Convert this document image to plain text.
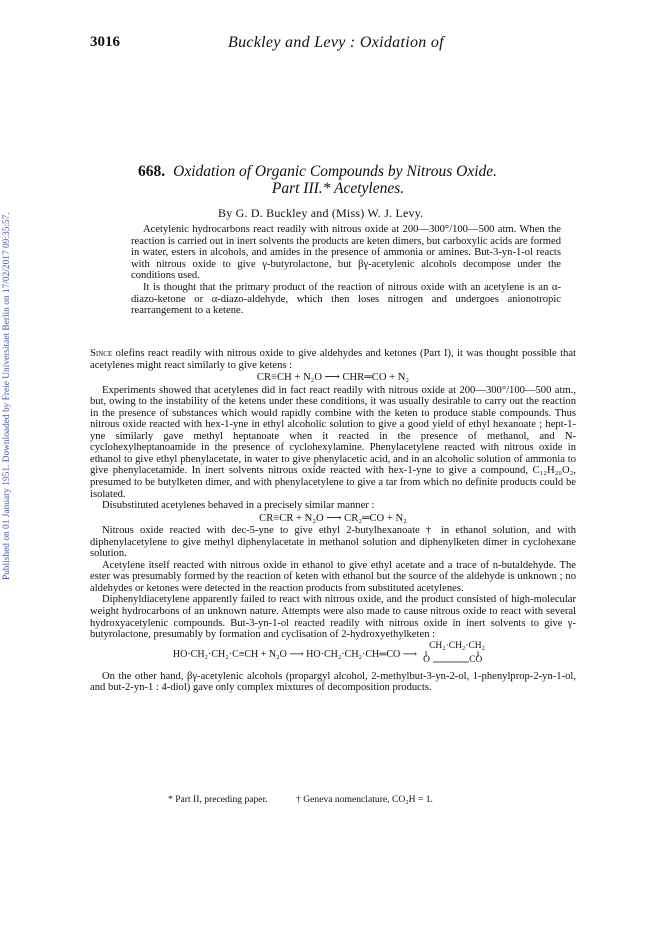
3016	Buckley and Levy : Oxidation of
Published on 01 January 1951. Downloaded by Freie Universitaet Berlin on 17/02/2017 09:35:57.
668. Oxidation of Organic Compounds by Nitrous Oxide.
Part III.* Acetylenes.
By G. D. Buckley and (Miss) W. J. Levy.

Acetylenic hydrocarbons react readily with nitrous oxide at 200—300°/100—500 atm. When the reaction is carried out in inert solvents the products are keten dimers, but carboxylic acids are formed in water, esters in alcohols, and amides in the presence of ammonia or amines. But-3-yn-1-ol reacts with nitrous oxide to give γ-butyrolactone, but βγ-acetylenic alcohols decompose under the conditions used.

It is thought that the primary product of the reaction of nitrous oxide with an acetylene is an α-diazo-ketone or α-diazo-aldehyde, which then loses nitrogen and undergoes anionotropic rearrangement to a ketene.

Since olefins react readily with nitrous oxide to give aldehydes and ketones (Part I), it was thought possible that acetylenes might react similarly to give ketens :

CR≡CH + N₂O ⟶ CHR═CO + N₂

Experiments showed that acetylenes did in fact react readily with nitrous oxide at 200—300°/100—500 atm., but, owing to the instability of the ketens under these conditions, it was usually desirable to carry out the reaction in the presence of substances which would rapidly combine with the keten to produce stable compounds. Thus nitrous oxide reacted with hex-1-yne in ethyl alcoholic solution to give a good yield of ethyl hexanoate ; hept-1-yne similarly gave methyl heptanoate when it reacted in the presence of methanol, and N-cyclohexylheptanoamide in the presence of cyclohexylamine. Phenylacetylene reacted with nitrous oxide in ethanol to give ethyl phenylacetate, in water to give phenylacetic acid, and in an alcoholic solution of ammonia to give phenylacetamide. In inert solvents nitrous oxide reacted with hex-1-yne to give a compound, C₁₂H₂₀O₂, presumed to be butylketen dimer, and with phenylacetylene to give a tar from which no definite products could be isolated.

Disubstituted acetylenes behaved in a precisely similar manner :

CR≡CR + N₂O ⟶ CR₂═CO + N₂

Nitrous oxide reacted with dec-5-yne to give ethyl 2-butylhexanoate † in ethanol solution, and with diphenylacetylene to give methyl diphenylacetate in methanol solution and diphenylketen dimer in cyclohexane solution.

Acetylene itself reacted with nitrous oxide in ethanol to give ethyl acetate and a trace of n-butaldehyde. The ester was presumably formed by the reaction of keten with ethanol but the source of the aldehyde is unknown ; no aldehydes or ketones were detected in the reaction products from substituted acetylenes.

Diphenyldiacetylene apparently failed to react with nitrous oxide, and the product consisted of high-molecular weight hydrocarbons of an unknown nature. Attempts were also made to cause nitrous oxide to react with several hydroxyacetylenic compounds. But-3-yn-1-ol reacted readily with nitrous oxide in inert solvents to give γ-butyrolactone, presumably by formation and cyclisation of 2-hydroxyethylketen :

HO·CH₂·CH₂·C≡CH + N₂O ⟶ HO·CH₂·CH₂·CH═CO ⟶
CH₂·CH₂·CH₂
O	CO

On the other hand, βγ-acetylenic alcohols (propargyl alcohol, 2-methylbut-3-yn-2-ol, 1-phenylprop-2-yn-1-ol, and but-2-yn-1 : 4-diol) gave only complex mixtures of decomposition products.

* Part II, preceding paper.	† Geneva nomenclature, CO₂H = 1.
